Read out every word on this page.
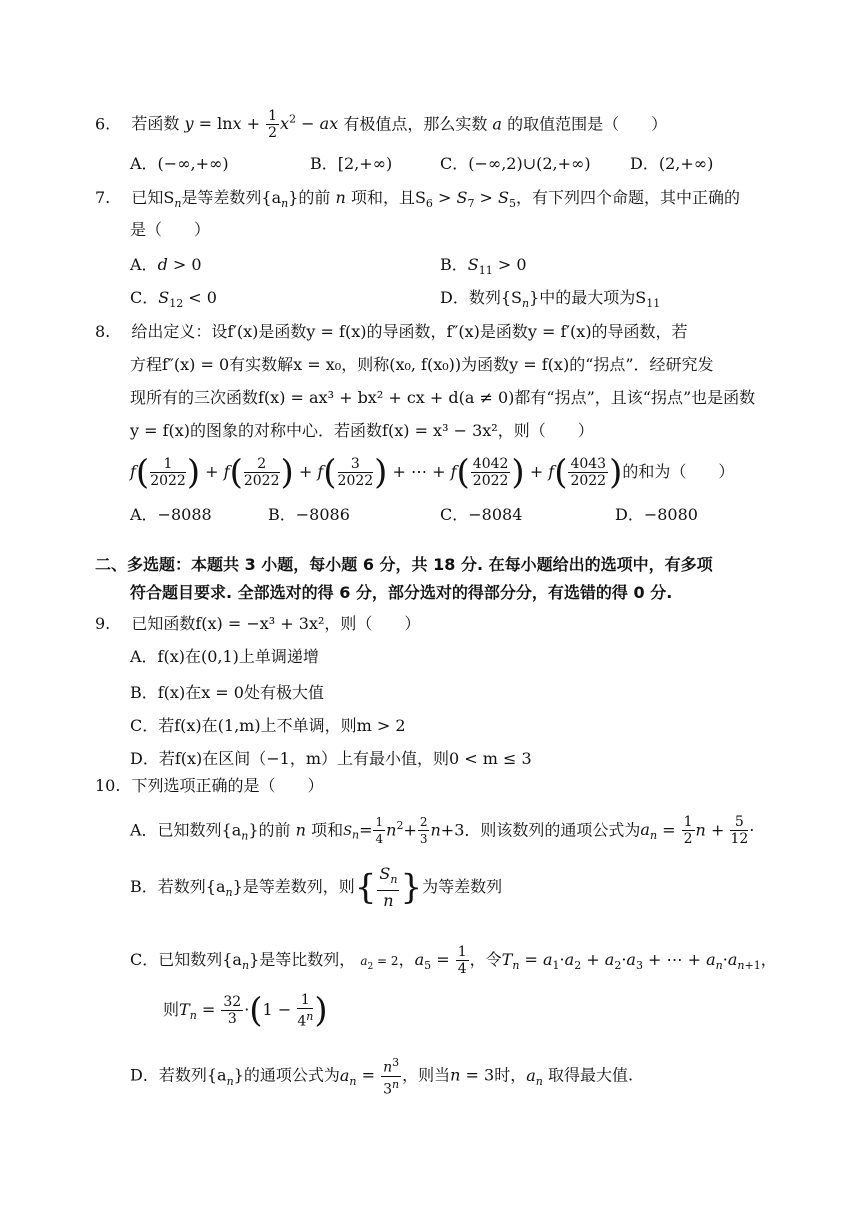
6. 若函数 $y = \ln x + \frac{1}{2} x^2$ − ax 有极值点，那么实数 a 的取值范围是（　　）
A．(−∞,+∞)	B．[2,+∞)	C．(−∞,2)∪(2,+∞) D．(2,+∞)
7. 已知$S_n$是等差数列$\{a_n\}$的前 n 项和，且$S_6 > S_7 > S_5$，有下列四个命题，其中正确的
是（　　）
A．d > 0	B．$S_{11} > 0$
C．$S_{12} < 0$	D．数列$\{S_n\}$中的最大项为$S_{11}$
8. 给出定义：设f′(x)是函数y = f(x)的导函数，f″(x)是函数y = f′(x)的导函数，若
方程f″(x) = 0有实数解x = x₀，则称(x₀, f(x₀))为函数y = f(x)的“拐点”．经研究发
现所有的三次函数f(x) = ax³ + bx² + cx + d(a ≠ 0)都有“拐点”，且该“拐点”也是函数
y = f(x)的图象的对称中心．若函数f(x) = x³ − 3x²，则（　　）
$f( \frac{1}{2022}$ ) + $f( \frac{2}{2022}$ ) + $f( \frac{3}{2022}$ ) + ⋯ + $f( \frac{4042}{2022}$ ) + $f( \frac{4043}{2022}$ )的和为（　　）
A．−8088	B．−8086	C．−8084	D．−8080
二、多选题：本题共 3 小题，每小题 6 分，共 18 分. 在每小题给出的选项中，有多项
符合题目要求. 全部选对的得 6 分，部分选对的得部分分，有选错的得 0 分.
9. 已知函数f(x) = −x³ + 3x²，则（　　）
A．f(x)在(0,1)上单调递增
B．f(x)在x = 0处有极大值
C．若f(x)在(1,m)上不单调，则m > 2
D．若f(x)在区间（−1，m）上有最小值，则0 < m ≤ 3
10. 下列选项正确的是（　　）
A．已知数列$\{a_n\}$的前 n 项和$S_n= \frac{1}{4} n^2+ \frac{2}{3} n+3$．则该数列的通项公式为$a_n = \frac{1}{2}$ $n + \frac{5}{12}$ ·
B．若数列$\{a_n\}$是等差数列，则{ $\frac{S_n}{n}$ }为等差数列
C．已知数列$\{a_n\}$是等比数列， $a_2 = 2$，$a_5 = \frac{1}{4}$ ，令$T_n = a_1\cdot a_2 + a_2\cdot a_3$ + ⋯ + $a_n\cdot a_{n+1}$，
则$T_n = \frac{32}{3} \cdot(1 - \frac{1}{4^n}$ )
D．若数列$\{a_n\}$的通项公式为$a_n = \frac{n^3}{3^n}$ ，则当n = 3时，$a_n$ 取得最大值.
